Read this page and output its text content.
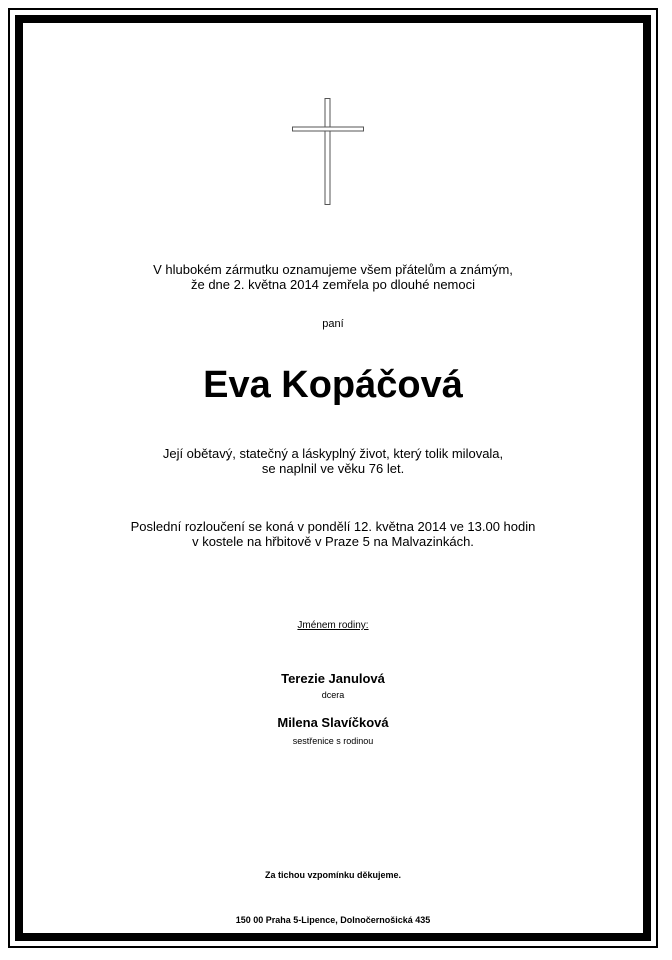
V hlubokém zármutku oznamujeme všem přátelům a známým,
že dne 2. května 2014 zemřela po dlouhé nemoci
paní
Eva Kopáčová
Její obětavý, statečný a láskyplný život, který tolik milovala,
se naplnil ve věku 76 let.
Poslední rozloučení se koná v pondělí 12. května 2014 ve 13.00 hodin
v kostele na hřbitově v Praze 5 na Malvazinkách.
Jménem rodiny:
Terezie Janulová
dcera
Milena Slavíčková
sestřenice s rodinou
Za tichou vzpomínku děkujeme.
150 00 Praha 5-Lipence, Dolnočernošická 435
